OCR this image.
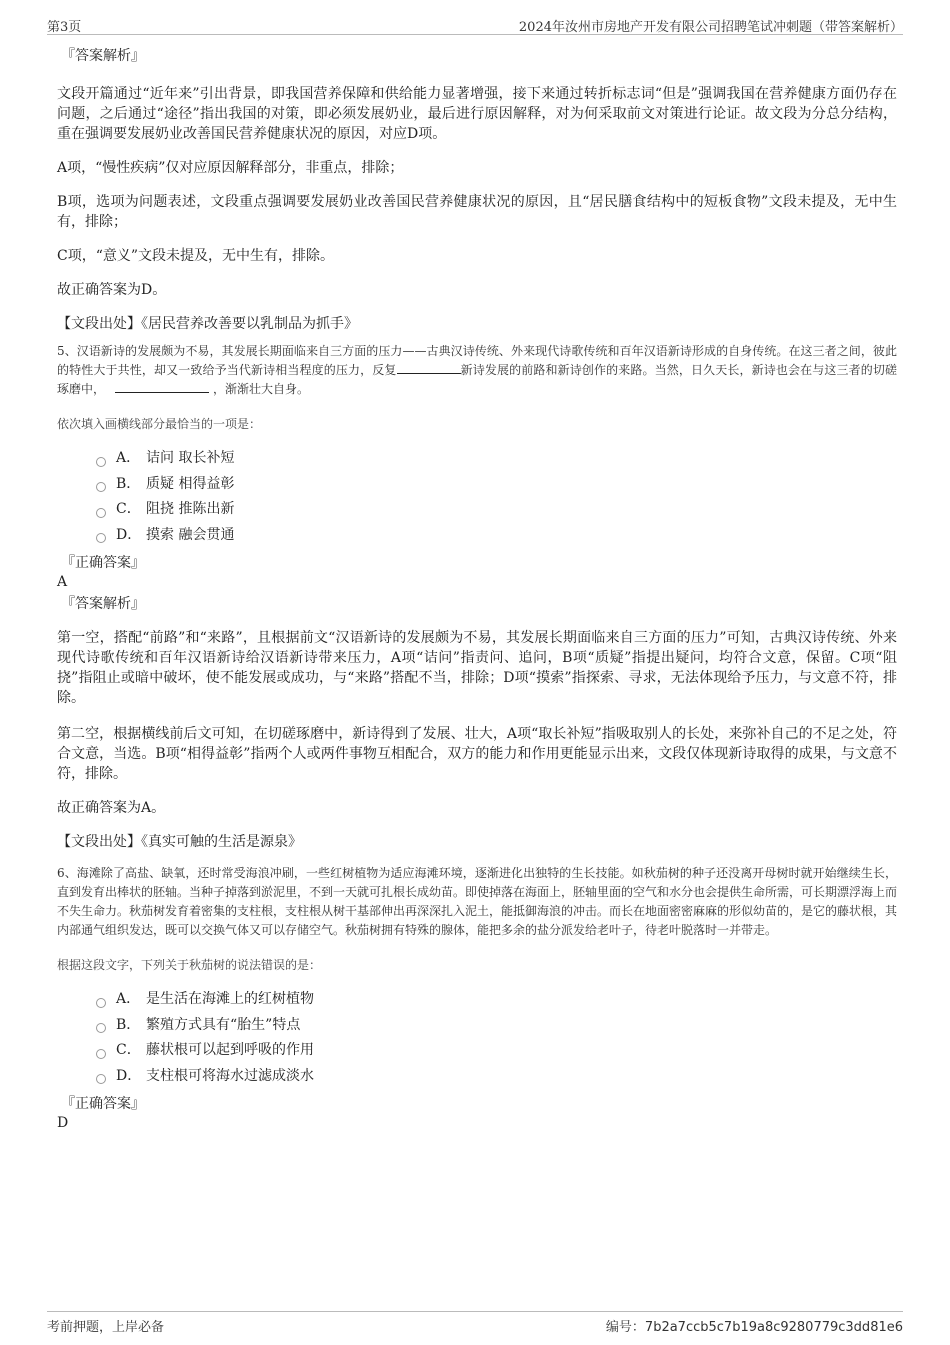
第3页	2024年汝州市房地产开发有限公司招聘笔试冲刺题（带答案解析）

『答案解析』

文段开篇通过“近年来”引出背景，即我国营养保障和供给能力显著增强，接下来通过转折标志词“但是”强调我国在营养健康方面仍存在问题，之后通过“途径”指出我国的对策，即必须发展奶业，最后进行原因解释，对为何采取前文对策进行论证。故文段为分总分结构，重在强调要发展奶业改善国民营养健康状况的原因，对应D项。

A项，“慢性疾病”仅对应原因解释部分，非重点，排除；

B项，选项为问题表述，文段重点强调要发展奶业改善国民营养健康状况的原因，且“居民膳食结构中的短板食物”文段未提及，无中生有，排除；

C项，“意义”文段未提及，无中生有，排除。

故正确答案为D。

【文段出处】《居民营养改善要以乳制品为抓手》

5、汉语新诗的发展颇为不易，其发展长期面临来自三方面的压力——古典汉诗传统、外来现代诗歌传统和百年汉语新诗形成的自身传统。在这三者之间，彼此的特性大于共性，却又一致给予当代新诗相当程度的压力，反复	新诗发展的前路和新诗创作的来路。当然，日久天长，新诗也会在与这三者的切磋琢磨中，	，渐渐壮大自身。

依次填入画横线部分最恰当的一项是：

A． 诘问 取长补短
B． 质疑 相得益彰
C． 阻挠 推陈出新
D． 摸索 融会贯通

『正确答案』

A

『答案解析』

第一空，搭配“前路”和“来路”，且根据前文“汉语新诗的发展颇为不易，其发展长期面临来自三方面的压力”可知，古典汉诗传统、外来现代诗歌传统和百年汉语新诗给汉语新诗带来压力，A项“诘问”指责问、追问，B项“质疑”指提出疑问，均符合文意，保留。C项“阻挠”指阻止或暗中破坏，使不能发展或成功，与“来路”搭配不当，排除；D项“摸索”指探索、寻求，无法体现给予压力，与文意不符，排除。

第二空，根据横线前后文可知，在切磋琢磨中，新诗得到了发展、壮大，A项“取长补短”指吸取别人的长处，来弥补自己的不足之处，符合文意，当选。B项“相得益彰”指两个人或两件事物互相配合，双方的能力和作用更能显示出来，文段仅体现新诗取得的成果，与文意不符，排除。

故正确答案为A。

【文段出处】《真实可触的生活是源泉》

6、海滩除了高盐、缺氧，还时常受海浪冲刷，一些红树植物为适应海滩环境，逐渐进化出独特的生长技能。如秋茄树的种子还没离开母树时就开始继续生长，直到发育出棒状的胚轴。当种子掉落到淤泥里，不到一天就可扎根长成幼苗。即使掉落在海面上，胚轴里面的空气和水分也会提供生命所需，可长期漂浮海上而不失生命力。秋茄树发育着密集的支柱根，支柱根从树干基部伸出再深深扎入泥土，能抵御海浪的冲击。而长在地面密密麻麻的形似幼苗的，是它的藤状根，其内部通气组织发达，既可以交换气体又可以存储空气。秋茄树拥有特殊的腺体，能把多余的盐分派发给老叶子，待老叶脱落时一并带走。

根据这段文字，下列关于秋茄树的说法错误的是：

A． 是生活在海滩上的红树植物
B． 繁殖方式具有“胎生”特点
C． 藤状根可以起到呼吸的作用
D． 支柱根可将海水过滤成淡水

『正确答案』

D

考前押题，上岸必备	编号：7b2a7ccb5c7b19a8c9280779c3dd81e6
